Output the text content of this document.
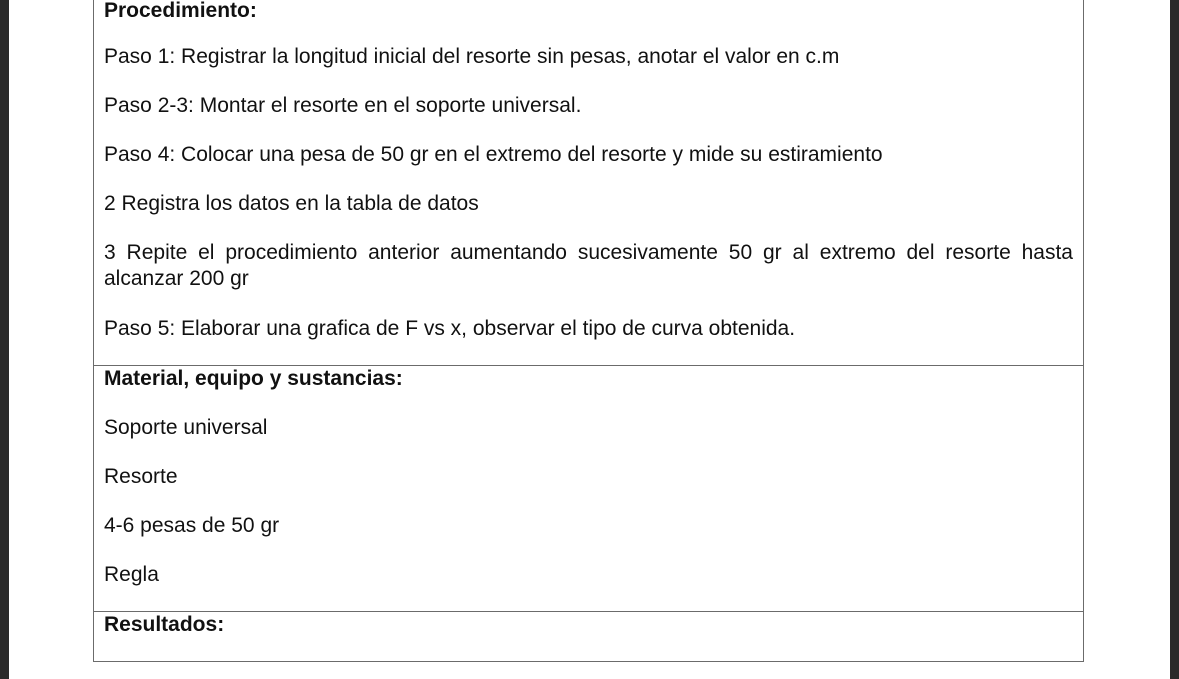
Procedimiento:
Paso 1: Registrar la longitud inicial del resorte sin pesas, anotar el valor en c.m
Paso 2-3: Montar el resorte en el soporte universal.
Paso 4: Colocar una pesa de 50 gr en el extremo del resorte y mide su estiramiento
2 Registra los datos en la tabla de datos
3 Repite el procedimiento anterior aumentando sucesivamente 50 gr al extremo del resorte hasta alcanzar 200 gr
Paso 5: Elaborar una grafica de F vs x, observar el tipo de curva obtenida.
Material, equipo y sustancias:
Soporte universal
Resorte
4-6 pesas de 50 gr
Regla
Resultados:
